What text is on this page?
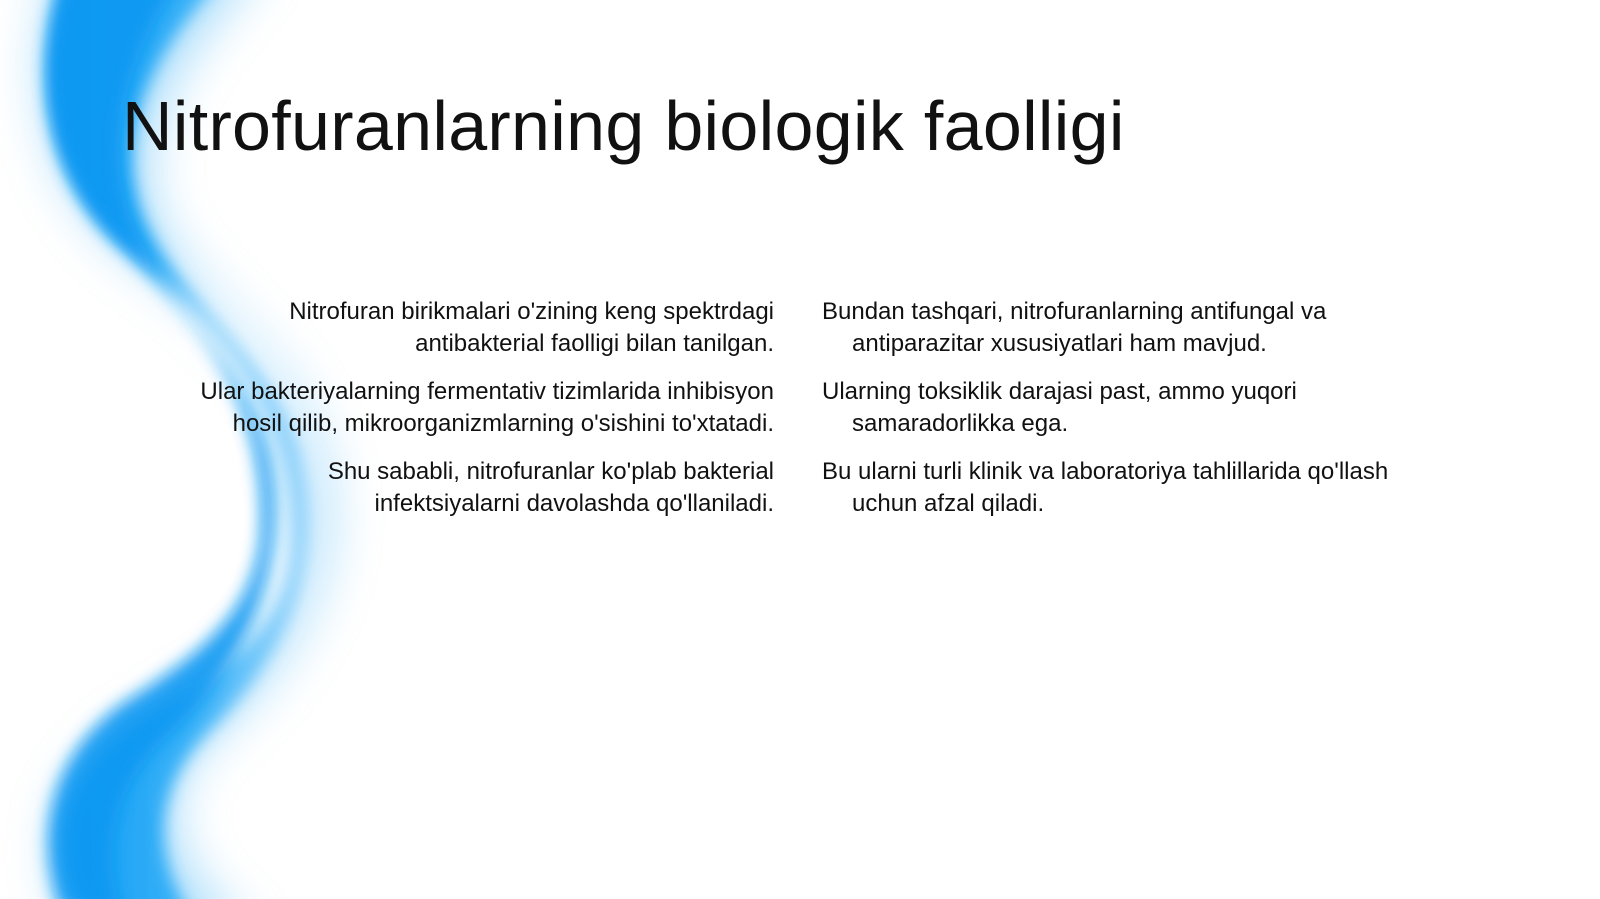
Nitrofuranlarning biologik faolligi
Nitrofuran birikmalari o'zining keng spektrdagi antibakterial faolligi bilan tanilgan.
Ular bakteriyalarning fermentativ tizimlarida inhibisyon hosil qilib, mikroorganizmlarning o'sishini to'xtatadi.
Shu sababli, nitrofuranlar ko'plab bakterial infektsiyalarni davolashda qo'llaniladi.
Bundan tashqari, nitrofuranlarning antifungal va antiparazitar xususiyatlari ham mavjud.
Ularning toksiklik darajasi past, ammo yuqori samaradorlikka ega.
Bu ularni turli klinik va laboratoriya tahlillarida qo'llash uchun afzal qiladi.
